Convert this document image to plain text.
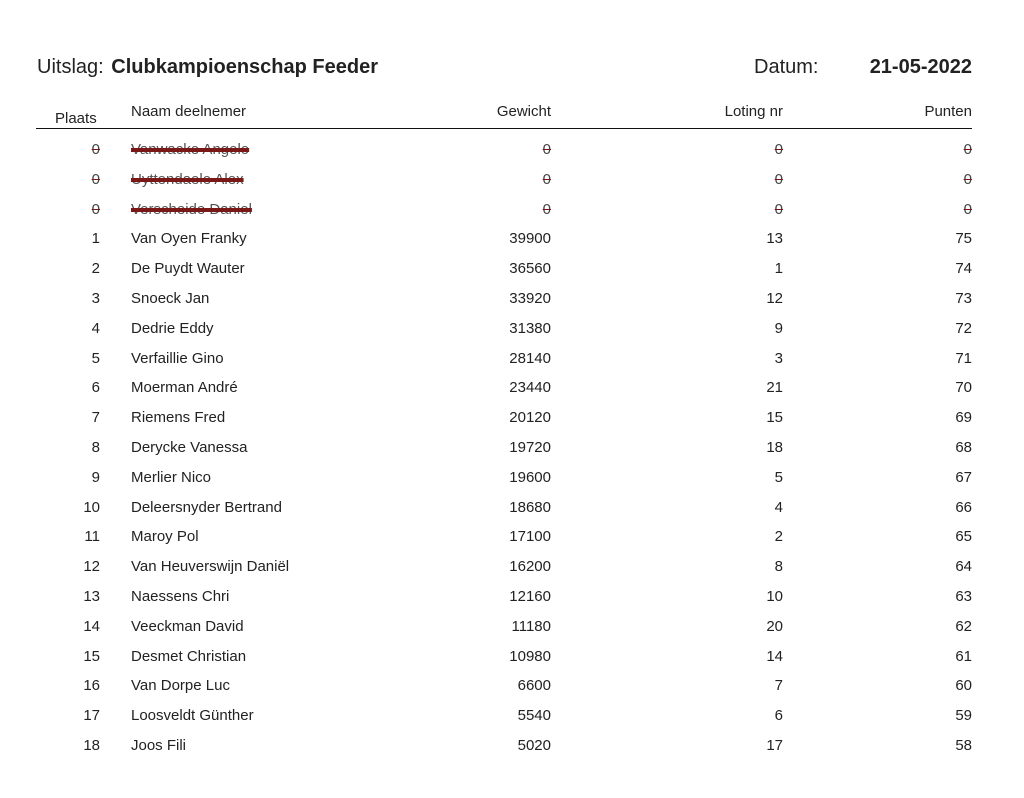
Uitslag: Clubkampioenschap Feeder	Datum:	21-05-2022
Plaats Naam deelnemer	Gewicht	Loting nr	Punten
0 Vanwacke Angelo	0	0	0
0 Uyttendaele Alex	0	0	0
0 Verscheide Daniel	0	0	0
1 Van Oyen Franky	39900	13	75
2 De Puydt Wauter	36560	1	74
3 Snoeck Jan	33920	12	73
4 Dedrie Eddy	31380	9	72
5 Verfaillie Gino	28140	3	71
6 Moerman André	23440	21	70
7 Riemens Fred	20120	15	69
8 Derycke Vanessa	19720	18	68
9 Merlier Nico	19600	5	67
10 Deleersnyder Bertrand	18680	4	66
11 Maroy Pol	17100	2	65
12 Van Heuverswijn Daniël	16200	8	64
13 Naessens Chri	12160	10	63
14 Veeckman David	11180	20	62
15 Desmet Christian	10980	14	61
16 Van Dorpe Luc	6600	7	60
17 Loosveldt Günther	5540	6	59
18 Joos Fili	5020	17	58
